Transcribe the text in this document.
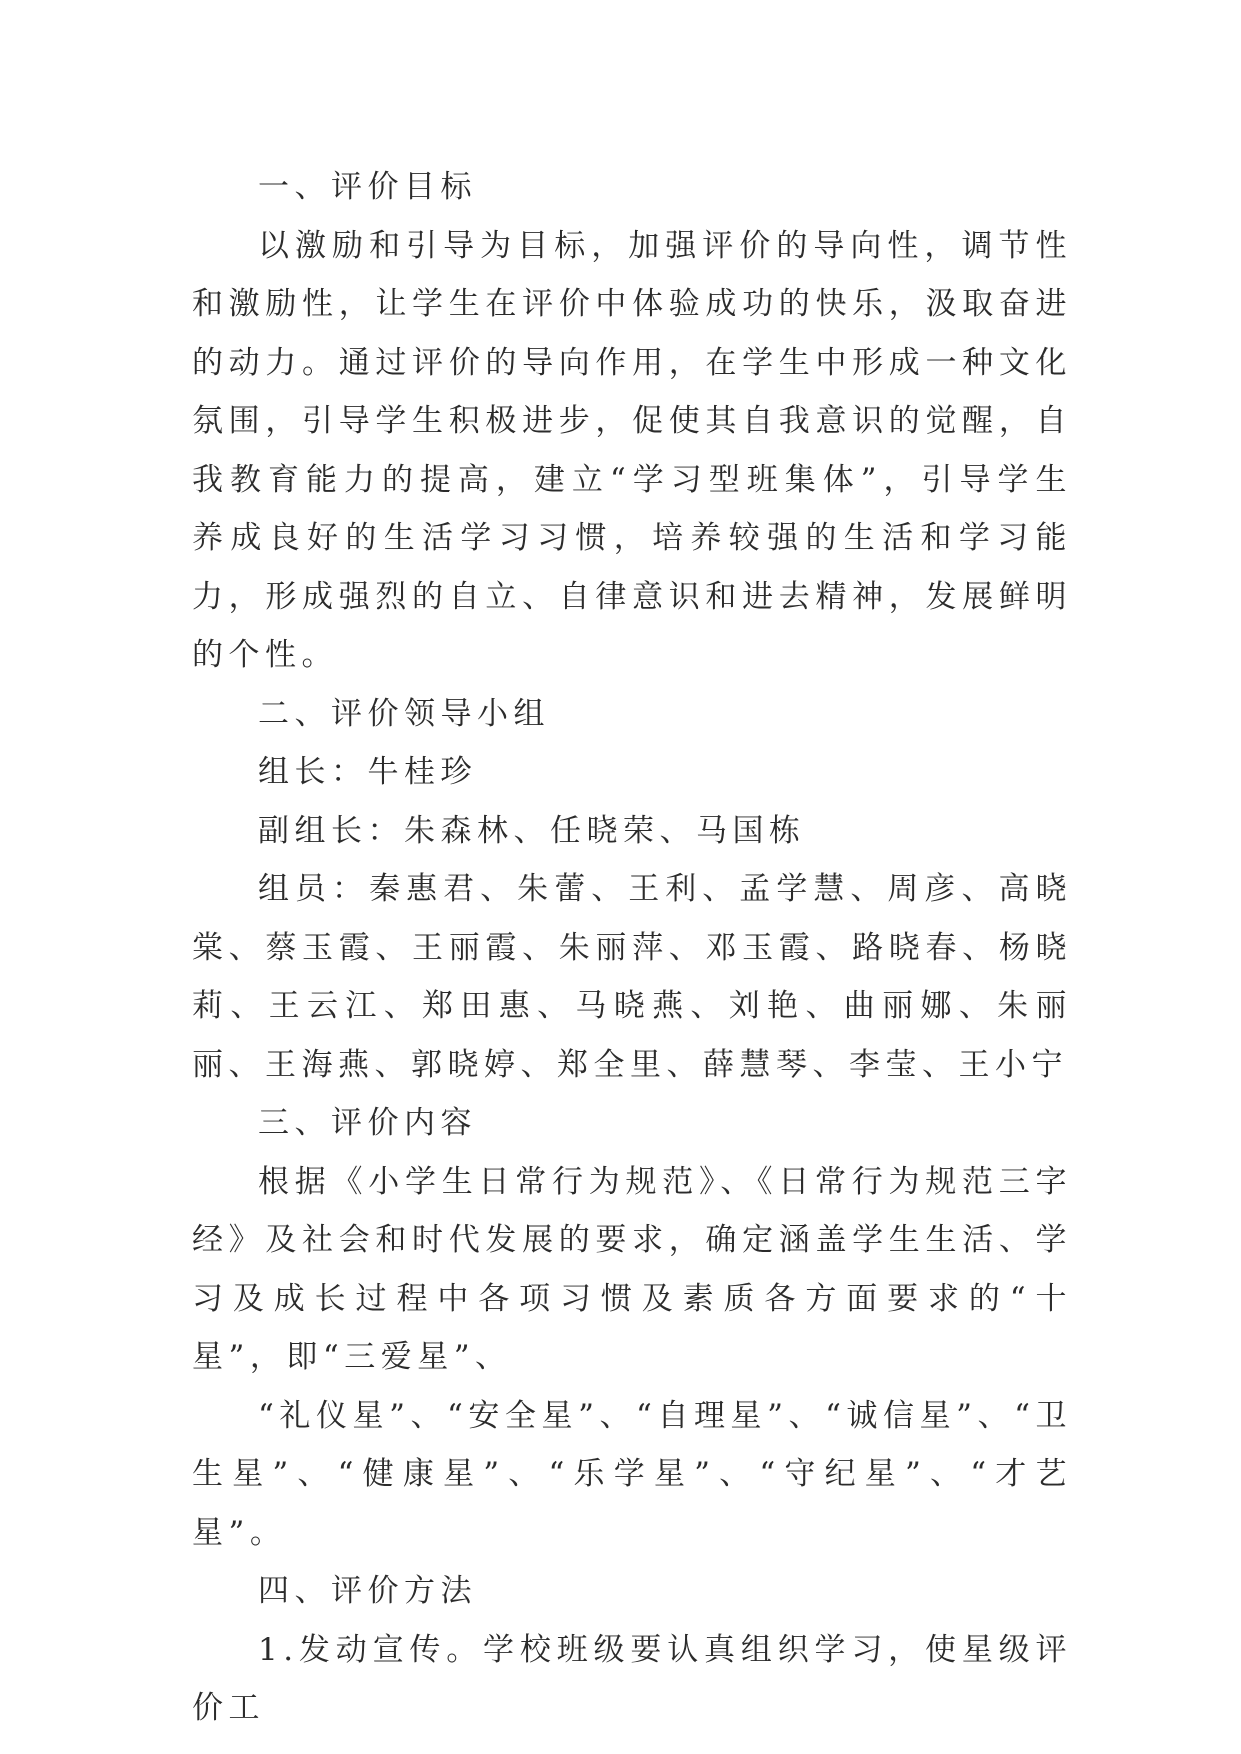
一、评价目标

以激励和引导为目标，加强评价的导向性，调节性和激励性，让学生在评价中体验成功的快乐，汲取奋进的动力。通过评价的导向作用，在学生中形成一种文化氛围，引导学生积极进步，促使其自我意识的觉醒，自我教育能力的提高，建立“学习型班集体”，引导学生养成良好的生活学习习惯，培养较强的生活和学习能力，形成强烈的自立、自律意识和进去精神，发展鲜明的个性。

二、评价领导小组

组长：牛桂珍

副组长：朱森林、任晓荣、马国栋

组员：秦惠君、朱蕾、王利、孟学慧、周彦、高晓棠、蔡玉霞、王丽霞、朱丽萍、邓玉霞、路晓春、杨晓莉、王云江、郑田惠、马晓燕、刘艳、曲丽娜、朱丽丽、王海燕、郭晓婷、郑全里、薛慧琴、李莹、王小宁

三、评价内容

根据《小学生日常行为规范》、《日常行为规范三字经》及社会和时代发展的要求，确定涵盖学生生活、学习及成长过程中各项习惯及素质各方面要求的“十星”，即“三爱星”、

“礼仪星”、“安全星”、“自理星”、“诚信星”、“卫生星”、“健康星”、“乐学星”、“守纪星”、“才艺星”。

四、评价方法

1.发动宣传。学校班级要认真组织学习，使星级评价工
